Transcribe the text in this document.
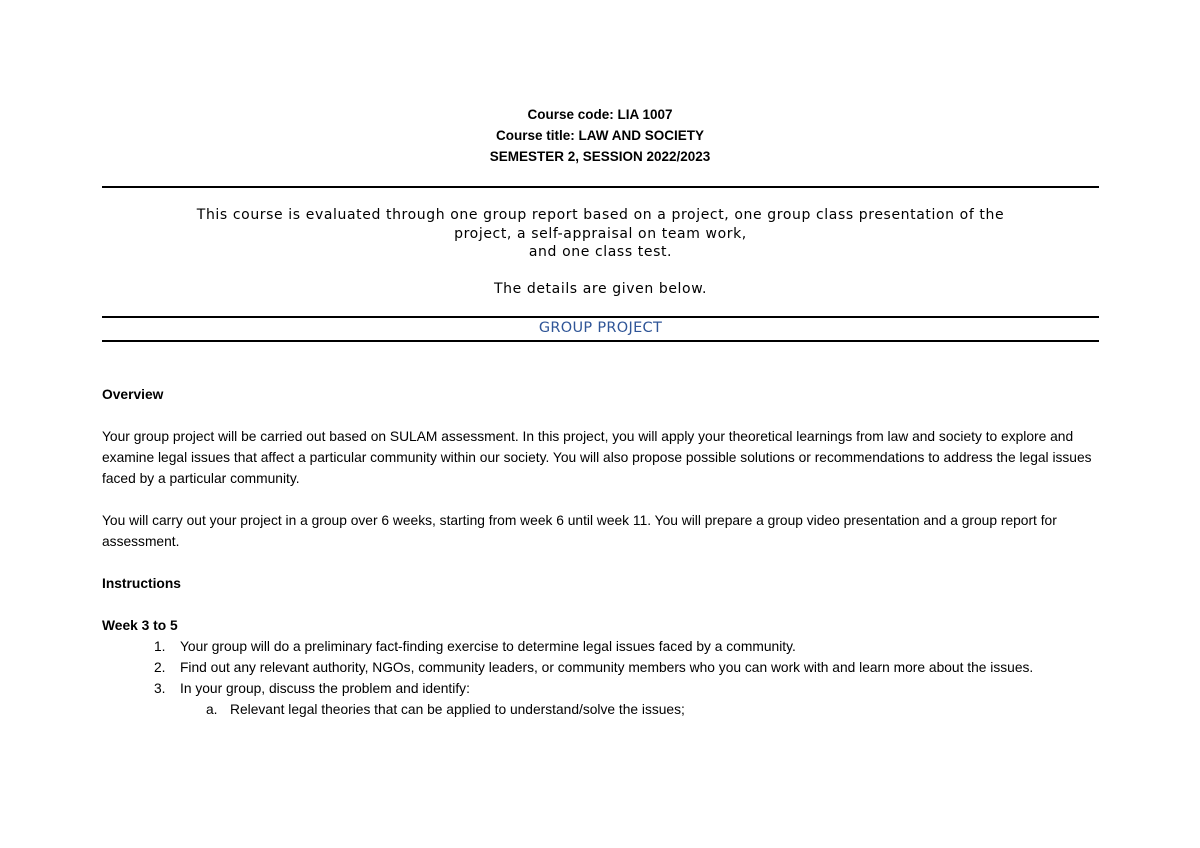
Course code: LIA 1007
Course title: LAW AND SOCIETY
SEMESTER 2, SESSION 2022/2023

This course is evaluated through one group report based on a project, one group class presentation of the

project, a self-appraisal on team work,

and one class test.

The details are given below.

GROUP PROJECT

Overview

Your group project will be carried out based on SULAM assessment. In this project, you will apply your theoretical learnings from law and society to explore and examine legal issues that affect a particular community within our society. You will also propose possible solutions or recommendations to address the legal issues faced by a particular community.

You will carry out your project in a group over 6 weeks, starting from week 6 until week 11. You will prepare a group video presentation and a group report for assessment.

Instructions

Week 3 to 5

1. Your group will do a preliminary fact-finding exercise to determine legal issues faced by a community.
2. Find out any relevant authority, NGOs, community leaders, or community members who you can work with and learn more about the issues.
3. In your group, discuss the problem and identify:
a. Relevant legal theories that can be applied to understand/solve the issues;
